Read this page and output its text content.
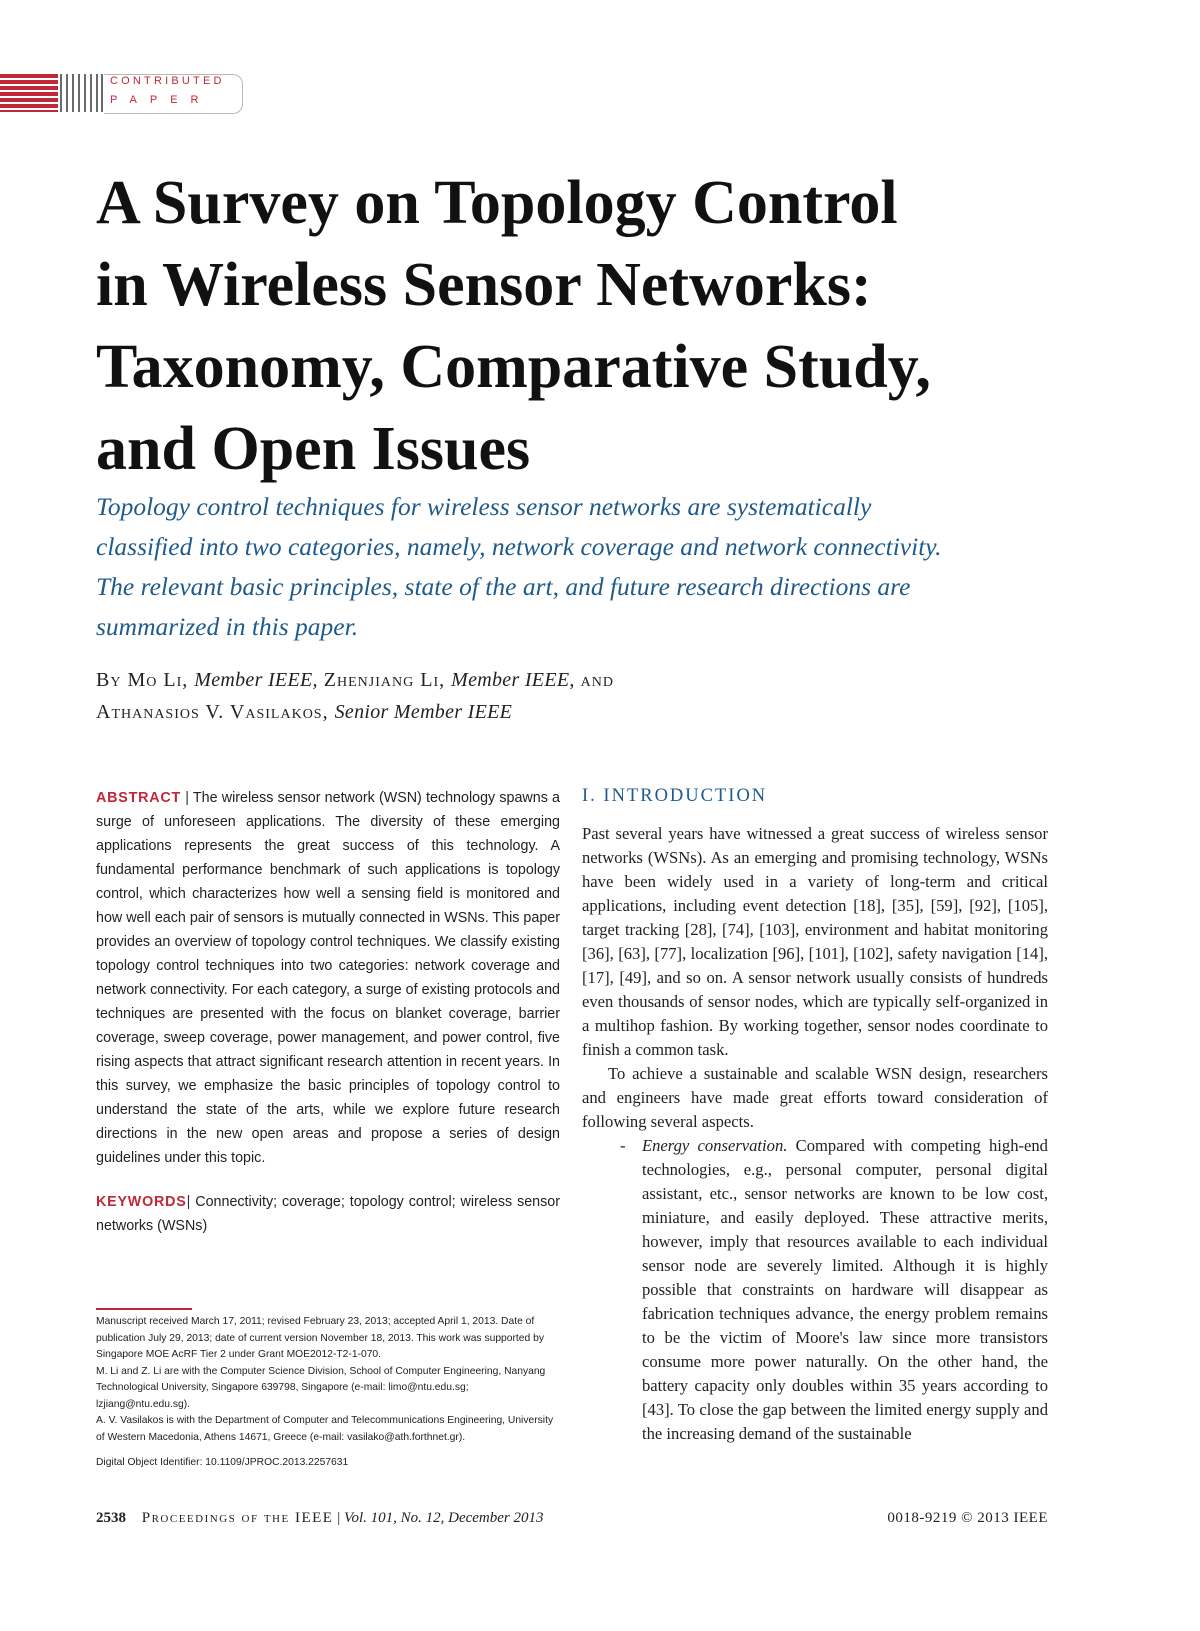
CONTRIBUTED
PAPER
A Survey on Topology Control
in Wireless Sensor Networks:
Taxonomy, Comparative Study,
and Open Issues

Topology control techniques for wireless sensor networks are systematically
classified into two categories, namely, network coverage and network connectivity.
The relevant basic principles, state of the art, and future research directions are
summarized in this paper.

By Mo Li, Member IEEE, Zhenjiang Li, Member IEEE, and
Athanasios V. Vasilakos, Senior Member IEEE
ABSTRACT | The wireless sensor network (WSN) technology spawns a surge of unforeseen applications. The diversity of these emerging applications represents the great success of this technology. A fundamental performance benchmark of such applications is topology control, which characterizes how well a sensing field is monitored and how well each pair of sensors is mutually connected in WSNs. This paper provides an overview of topology control techniques. We classify existing topology control techniques into two categories: network coverage and network connectivity. For each category, a surge of existing protocols and techniques are presented with the focus on blanket coverage, barrier coverage, sweep coverage, power management, and power control, five rising aspects that attract significant research attention in recent years. In this survey, we emphasize the basic principles of topology control to understand the state of the arts, while we explore future research directions in the new open areas and propose a series of design guidelines under this topic.
KEYWORDS| Connectivity; coverage; topology control; wireless sensor networks (WSNs)

Manuscript received March 17, 2011; revised February 23, 2013; accepted April 1, 2013. Date of publication July 29, 2013; date of current version November 18, 2013. This work was supported by Singapore MOE AcRF Tier 2 under Grant MOE2012-T2-1-070.

M. Li and Z. Li are with the Computer Science Division, School of Computer Engineering, Nanyang Technological University, Singapore 639798, Singapore (e-mail: limo@ntu.edu.sg; lzjiang@ntu.edu.sg).

A. V. Vasilakos is with the Department of Computer and Telecommunications Engineering, University of Western Macedonia, Athens 14671, Greece (e-mail: vasilako@ath.forthnet.gr).

Digital Object Identifier: 10.1109/JPROC.2013.2257631

I. INTRODUCTION

Past several years have witnessed a great success of wireless sensor networks (WSNs). As an emerging and promising technology, WSNs have been widely used in a variety of long-term and critical applications, including event detection [18], [35], [59], [92], [105], target tracking [28], [74], [103], environment and habitat monitoring [36], [63], [77], localization [96], [101], [102], safety navigation [14], [17], [49], and so on. A sensor network usually consists of hundreds even thousands of sensor nodes, which are typically self-organized in a multihop fashion. By working together, sensor nodes coordinate to finish a common task.

To achieve a sustainable and scalable WSN design, researchers and engineers have made great efforts toward consideration of following several aspects.

- Energy conservation. Compared with competing high-end technologies, e.g., personal computer, personal digital assistant, etc., sensor networks are known to be low cost, miniature, and easily deployed. These attractive merits, however, imply that resources available to each individual sensor node are severely limited. Although it is highly possible that constraints on hardware will disappear as fabrication techniques advance, the energy problem remains to be the victim of Moore's law since more transistors consume more power naturally. On the other hand, the battery capacity only doubles within 35 years according to [43]. To close the gap between the limited energy supply and the increasing demand of the sustainable
2538 Proceedings of the IEEE | Vol. 101, No. 12, December 2013	0018-9219 © 2013 IEEE
